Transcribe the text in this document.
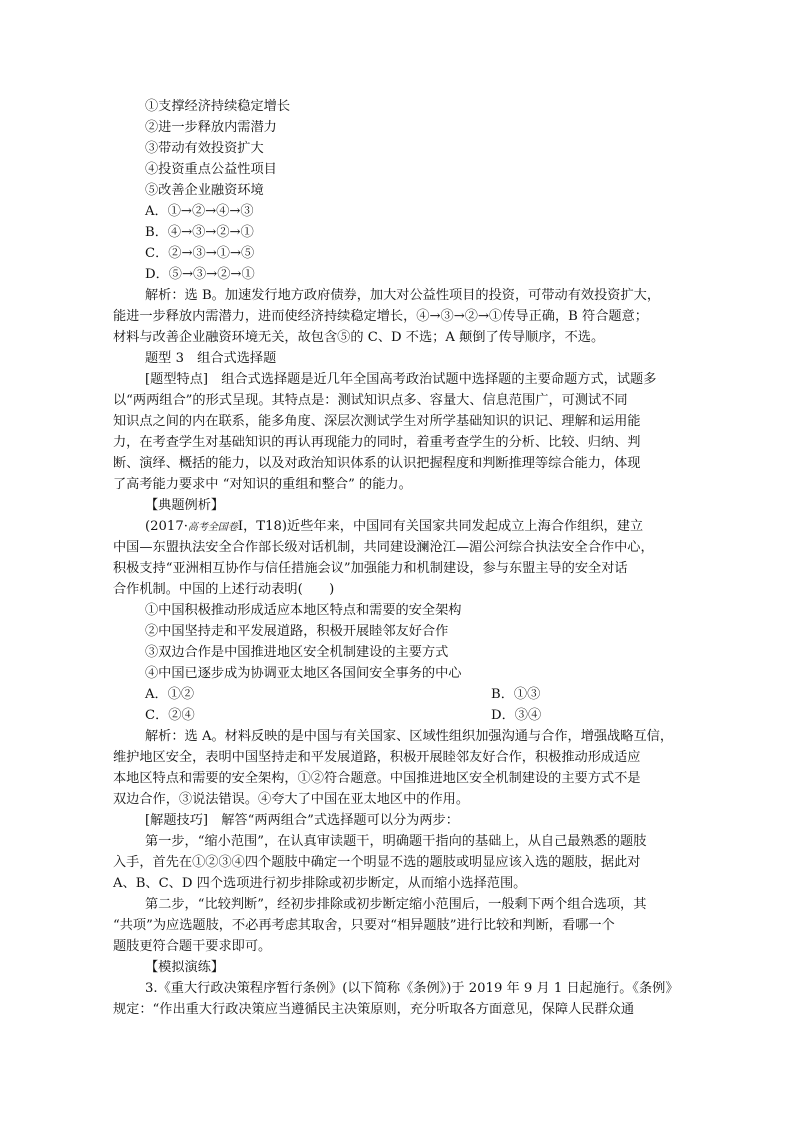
①支撑经济持续稳定增长
②进一步释放内需潜力
③带动有效投资扩大
④投资重点公益性项目
⑤改善企业融资环境
A．①→②→④→③
B．④→③→②→①
C．②→③→①→⑤
D．⑤→③→②→①
解析：选 B。加速发行地方政府债券，加大对公益性项目的投资，可带动有效投资扩大，
能进一步释放内需潜力，进而使经济持续稳定增长，④→③→②→①传导正确，B 符合题意；
材料与改善企业融资环境无关，故包含⑤的 C、D 不选；A 颠倒了传导顺序，不选。
题型 3　组合式选择题
[题型特点]　组合式选择题是近几年全国高考政治试题中选择题的主要命题方式，试题多
以“两两组合”的形式呈现。其特点是：测试知识点多、容量大、信息范围广，可测试不同
知识点之间的内在联系，能多角度、深层次测试学生对所学基础知识的识记、理解和运用能
力，在考查学生对基础知识的再认再现能力的同时，着重考查学生的分析、比较、归纳、判
断、演绎、概括的能力，以及对政治知识体系的认识把握程度和判断推理等综合能力，体现
了高考能力要求中 “对知识的重组和整合” 的能力。
【典题例析】
(2017·高考全国卷Ⅰ，T18)近些年来，中国同有关国家共同发起成立上海合作组织，建立
中国—东盟执法安全合作部长级对话机制，共同建设澜沧江—湄公河综合执法安全合作中心，
积极支持“亚洲相互协作与信任措施会议”加强能力和机制建设，参与东盟主导的安全对话
合作机制。中国的上述行动表明(　　)
①中国积极推动形成适应本地区特点和需要的安全架构
②中国坚持走和平发展道路，积极开展睦邻友好合作
③双边合作是中国推进地区安全机制建设的主要方式
④中国已逐步成为协调亚太地区各国间安全事务的中心
A．①②	B．①③
C．②④	D．③④
解析：选 A。材料反映的是中国与有关国家、区域性组织加强沟通与合作，增强战略互信，
维护地区安全，表明中国坚持走和平发展道路，积极开展睦邻友好合作，积极推动形成适应
本地区特点和需要的安全架构，①②符合题意。中国推进地区安全机制建设的主要方式不是
双边合作，③说法错误。④夸大了中国在亚太地区中的作用。
[解题技巧]　解答“两两组合”式选择题可以分为两步：
第一步，“缩小范围”，在认真审读题干，明确题干指向的基础上，从自己最熟悉的题肢
入手，首先在①②③④四个题肢中确定一个明显不选的题肢或明显应该入选的题肢，据此对
A、B、C、D 四个选项进行初步排除或初步断定，从而缩小选择范围。
第二步，“比较判断”，经初步排除或初步断定缩小范围后，一般剩下两个组合选项，其
“共项”为应选题肢，不必再考虑其取舍，只要对“相异题肢”进行比较和判断，看哪一个
题肢更符合题干要求即可。
【模拟演练】
3.《重大行政决策程序暂行条例》(以下简称《条例》)于 2019 年 9 月 1 日起施行。《条例》
规定：“作出重大行政决策应当遵循民主决策原则，充分听取各方面意见，保障人民群众通
